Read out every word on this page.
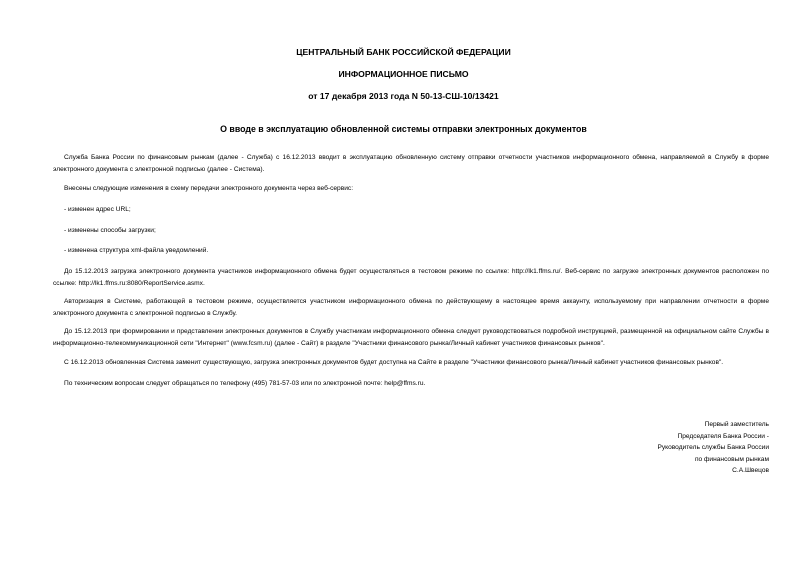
ЦЕНТРАЛЬНЫЙ БАНК РОССИЙСКОЙ ФЕДЕРАЦИИ
ИНФОРМАЦИОННОЕ ПИСЬМО
от 17 декабря 2013 года N 50-13-СШ-10/13421
О вводе в эксплуатацию обновленной системы отправки электронных документов
Служба Банка России по финансовым рынкам (далее - Служба) с 16.12.2013 вводит в эксплуатацию обновленную систему отправки отчетности участников информационного обмена, направляемой в Службу в форме электронного документа с электронной подписью (далее - Система).
Внесены следующие изменения в схему передачи электронного документа через веб-сервис:
- изменен адрес URL;
- изменены способы загрузки;
- изменена структура xml-файла уведомлений.
До 15.12.2013 загрузка электронного документа участников информационного обмена будет осуществляться в тестовом режиме по ссылке: http://lk1.ffms.ru/. Веб-сервис по загрузке электронных документов расположен по ссылке: http://lk1.ffms.ru:8080/ReportService.asmx.
Авторизация в Системе, работающей в тестовом режиме, осуществляется участником информационного обмена по действующему в настоящее время аккаунту, используемому при направлении отчетности в форме электронного документа с электронной подписью в Службу.
До 15.12.2013 при формировании и представлении электронных документов в Службу участникам информационного обмена следует руководствоваться подробной инструкцией, размещенной на официальном сайте Службы в информационно-телекоммуникационной сети "Интернет" (www.fcsm.ru) (далее - Сайт) в разделе "Участники финансового рынка/Личный кабинет участников финансовых рынков".
С 16.12.2013 обновленная Система заменит существующую, загрузка электронных документов будет доступна на Сайте в разделе "Участники финансового рынка/Личный кабинет участников финансовых рынков".
По техническим вопросам следует обращаться по телефону (495) 781-57-03 или по электронной почте: help@ffms.ru.
Первый заместитель
Председателя Банка России -
Руководитель службы Банка России
по финансовым рынкам
С.А.Швецов
